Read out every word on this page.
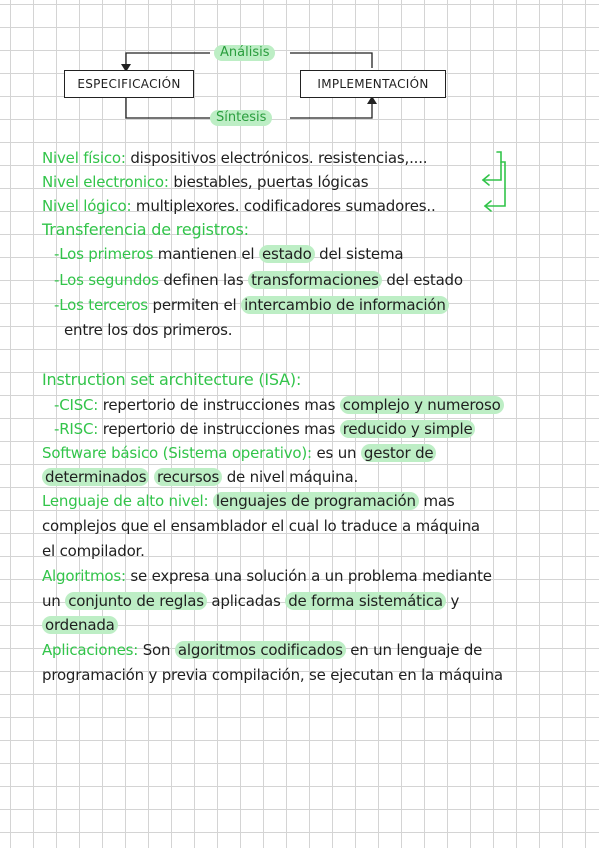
Análisis
ESPECIFICACIÓN	IMPLEMENTACIÓN
Síntesis
Nivel físico: dispositivos electrónicos. resistencias,....
Nivel electronico: biestables, puertas lógicas
Nivel lógico: multiplexores. codificadores sumadores..
Transferencia de registros:
-Los primeros mantienen el estado del sistema
-Los segundos definen las transformaciones del estado
-Los terceros permiten el intercambio de información
entre los dos primeros.
Instruction set architecture (ISA):
-CISC: repertorio de instrucciones mas complejo y numeroso
-RISC: repertorio de instrucciones mas reducido y simple
Software básico (Sistema operativo): es un gestor de
determinados recursos de nivel máquina.
Lenguaje de alto nivel: lenguajes de programación mas
complejos que el ensamblador el cual lo traduce a máquina
el compilador.
Algoritmos: se expresa una solución a un problema mediante
un conjunto de reglas aplicadas de forma sistemática y
ordenada
Aplicaciones: Son algoritmos codificados en un lenguaje de
programación y previa compilación, se ejecutan en la máquina
